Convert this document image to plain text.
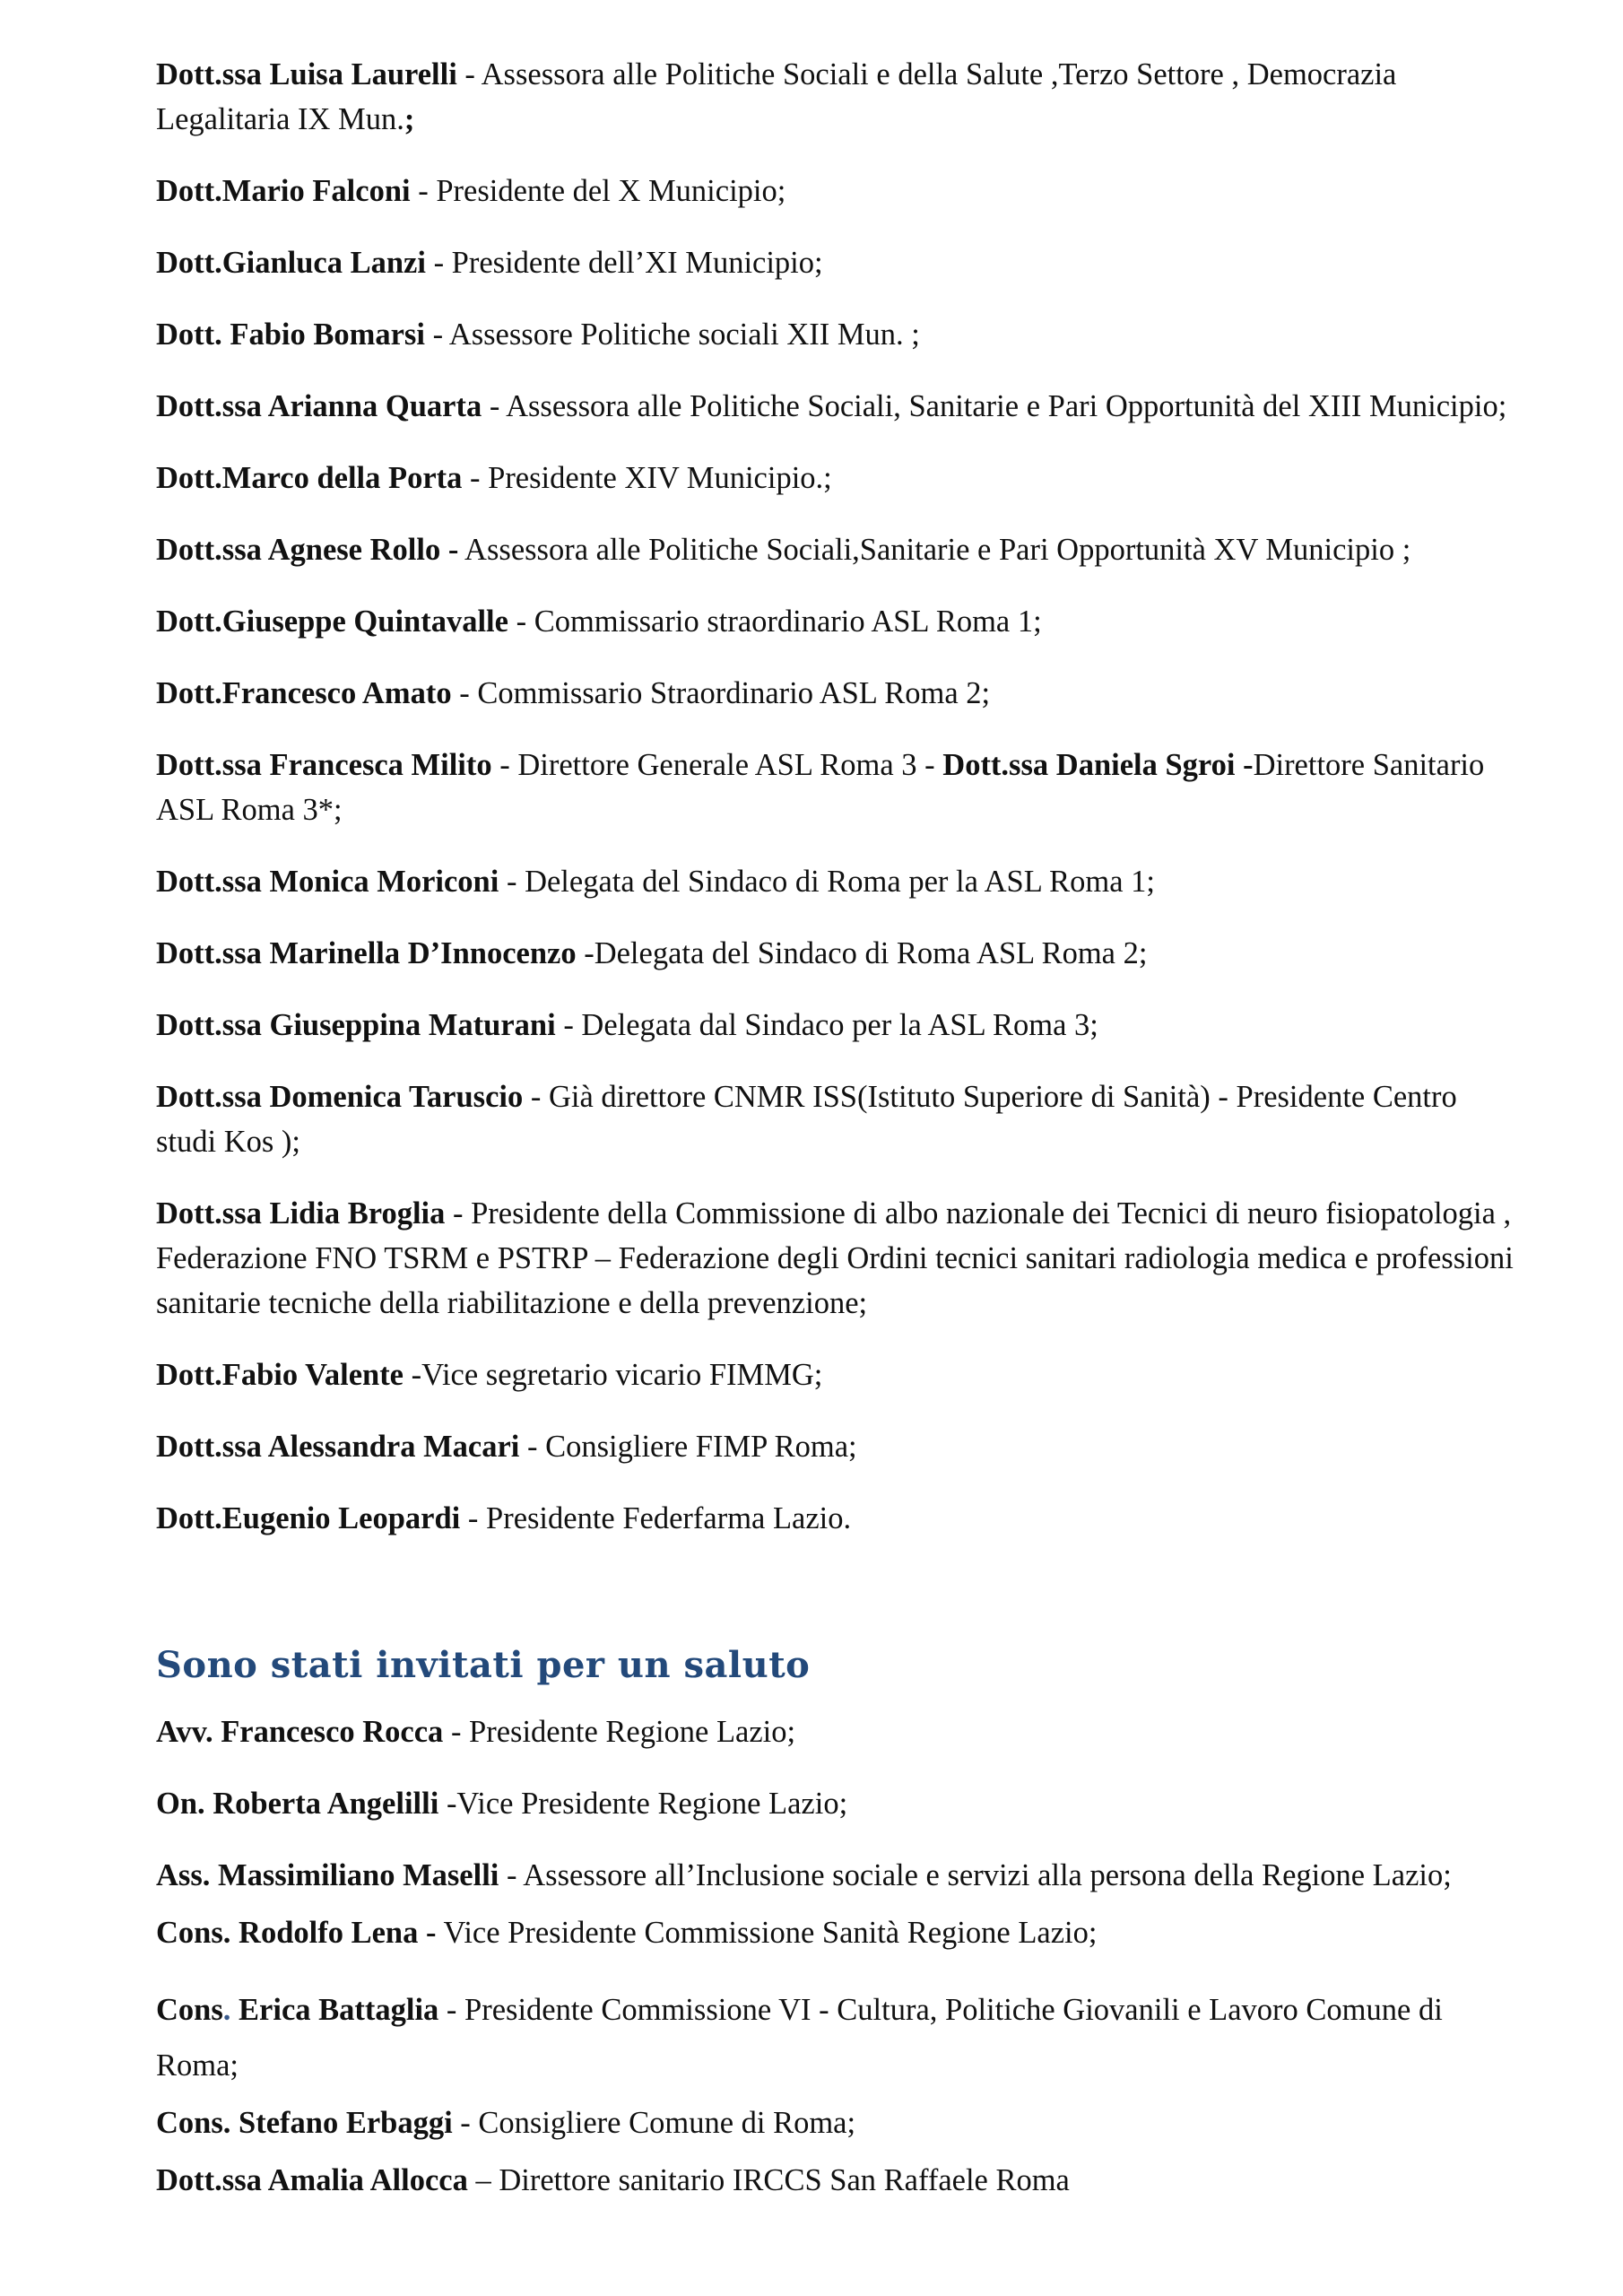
Dott.ssa Luisa Laurelli - Assessora alle Politiche Sociali e della Salute ,Terzo Settore , Democrazia Legalitaria IX Mun.;

Dott.Mario Falconi - Presidente del X Municipio;

Dott.Gianluca Lanzi - Presidente dell’XI Municipio;

Dott. Fabio Bomarsi - Assessore Politiche sociali XII Mun. ;

Dott.ssa Arianna Quarta - Assessora alle Politiche Sociali, Sanitarie e Pari Opportunità del XIII Municipio;

Dott.Marco della Porta - Presidente XIV Municipio.;

Dott.ssa Agnese Rollo - Assessora alle Politiche Sociali,Sanitarie e Pari Opportunità XV Municipio ;

Dott.Giuseppe Quintavalle - Commissario straordinario ASL Roma 1;

Dott.Francesco Amato - Commissario Straordinario ASL Roma 2;

Dott.ssa Francesca Milito - Direttore Generale ASL Roma 3 - Dott.ssa Daniela Sgroi -Direttore Sanitario ASL Roma 3*;

Dott.ssa Monica Moriconi - Delegata del Sindaco di Roma per la ASL Roma 1;

Dott.ssa Marinella D’Innocenzo -Delegata del Sindaco di Roma ASL Roma 2;

Dott.ssa Giuseppina Maturani - Delegata dal Sindaco per la ASL Roma 3;

Dott.ssa Domenica Taruscio - Già direttore CNMR ISS(Istituto Superiore di Sanità) - Presidente Centro studi Kos );

Dott.ssa Lidia Broglia - Presidente della Commissione di albo nazionale dei Tecnici di neuro fisiopatologia , Federazione FNO TSRM e PSTRP – Federazione degli Ordini tecnici sanitari radiologia medica e professioni sanitarie tecniche della riabilitazione e della prevenzione;

Dott.Fabio Valente -Vice segretario vicario FIMMG;

Dott.ssa Alessandra Macari - Consigliere FIMP Roma;

Dott.Eugenio Leopardi - Presidente Federfarma Lazio.

Sono stati invitati per un saluto

Avv. Francesco Rocca - Presidente Regione Lazio;

On. Roberta Angelilli -Vice Presidente Regione Lazio;

Ass. Massimiliano Maselli - Assessore all’Inclusione sociale e servizi alla persona della Regione Lazio;

Cons. Rodolfo Lena - Vice Presidente Commissione Sanità Regione Lazio;

Cons. Erica Battaglia - Presidente Commissione VI - Cultura, Politiche Giovanili e Lavoro Comune di Roma;

Cons. Stefano Erbaggi - Consigliere Comune di Roma;

Dott.ssa Amalia Allocca – Direttore sanitario IRCCS San Raffaele Roma
